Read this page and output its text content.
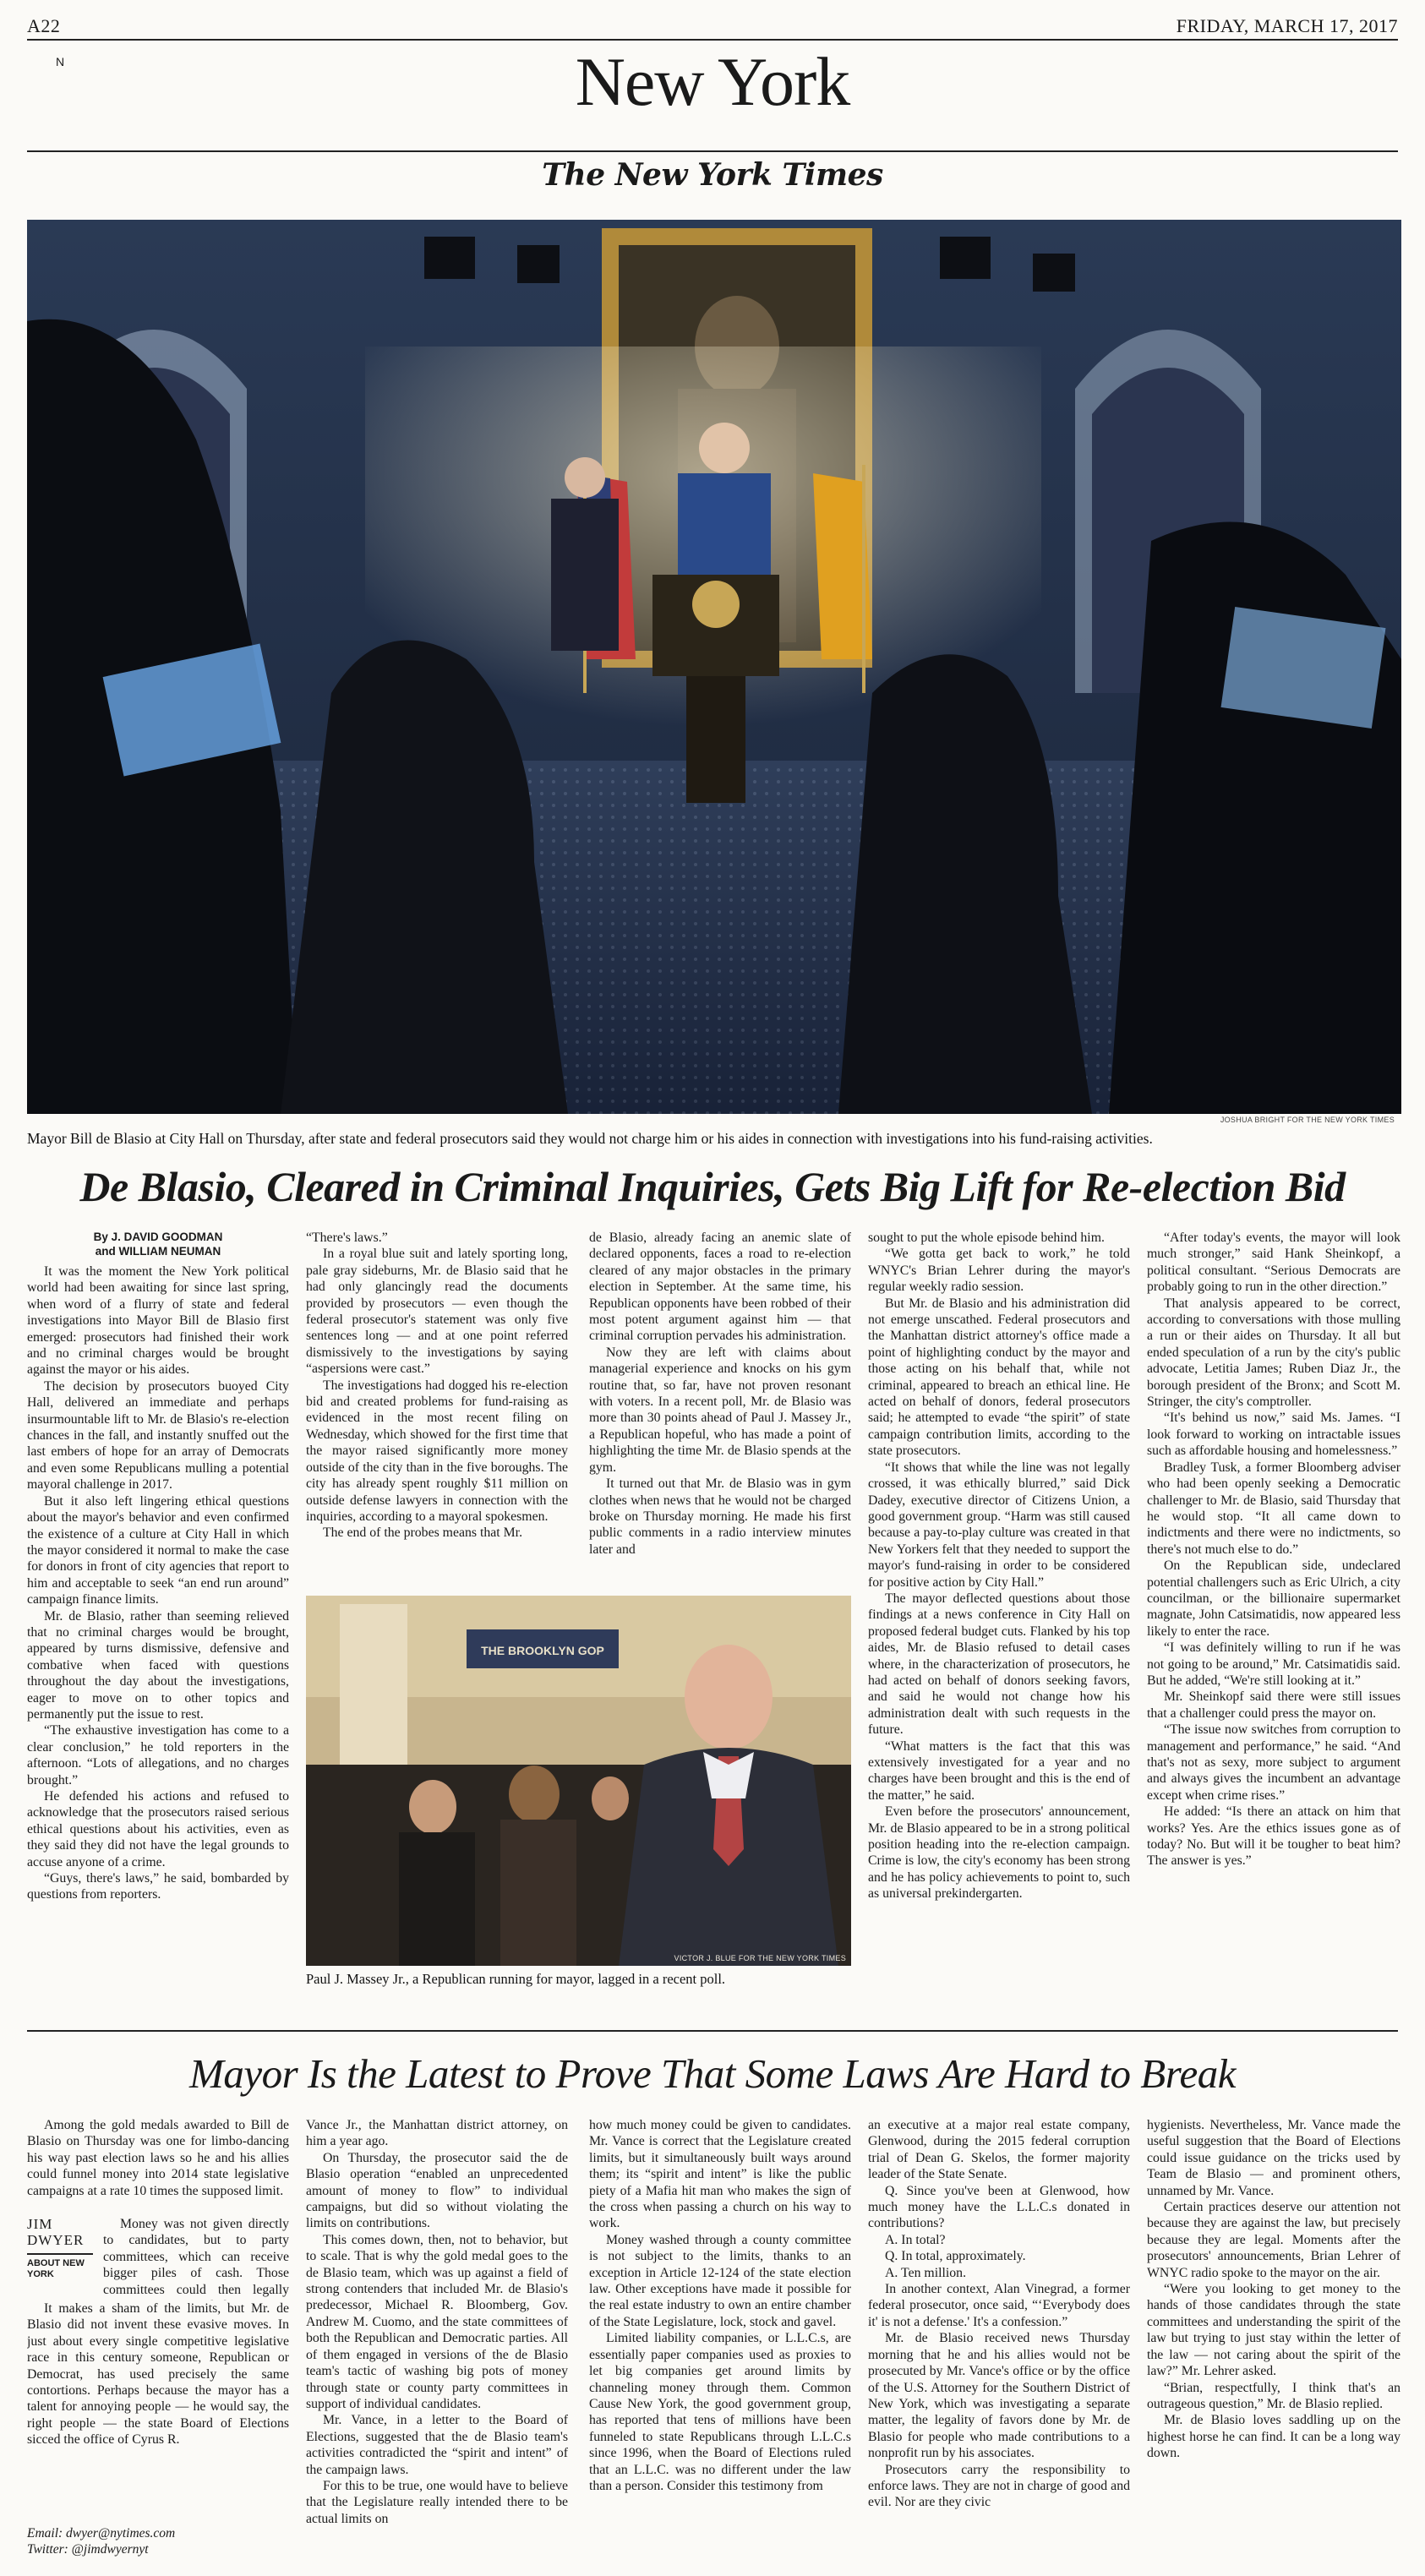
A22	FRIDAY, MARCH 17, 2017
N	New York
The New York Times
JOSHUA BRIGHT FOR THE NEW YORK TIMES
Mayor Bill de Blasio at City Hall on Thursday, after state and federal prosecutors said they would not charge him or his aides in connection with investigations into his fund-raising activities.
De Blasio, Cleared in Criminal Inquiries, Gets Big Lift for Re-election Bid
By J. DAVID GOODMAN
and WILLIAM NEUMAN

It was the moment the New York political world had been awaiting for since last spring, when word of a flurry of state and federal investigations into Mayor Bill de Blasio first emerged: prosecutors had finished their work and no criminal charges would be brought against the mayor or his aides.

The decision by prosecutors buoyed City Hall, delivered an immediate and perhaps insurmountable lift to Mr. de Blasio's re-election chances in the fall, and instantly snuffed out the last embers of hope for an array of Democrats and even some Republicans mulling a potential mayoral challenge in 2017.

But it also left lingering ethical questions about the mayor's behavior and even confirmed the existence of a culture at City Hall in which the mayor considered it normal to make the case for donors in front of city agencies that report to him and acceptable to seek “an end run around” campaign finance limits.

Mr. de Blasio, rather than seeming relieved that no criminal charges would be brought, appeared by turns dismissive, defensive and combative when faced with questions throughout the day about the investigations, eager to move on to other topics and permanently put the issue to rest.

“The exhaustive investigation has come to a clear conclusion,” he told reporters in the afternoon. “Lots of allegations, and no charges brought.”

He defended his actions and refused to acknowledge that the prosecutors raised serious ethical questions about his activities, even as they said they did not have the legal grounds to accuse anyone of a crime.

“Guys, there's laws,” he said, bombarded by questions from reporters.

“There's laws.”

In a royal blue suit and lately sporting long, pale gray sideburns, Mr. de Blasio said that he had only glancingly read the documents provided by prosecutors — even though the federal prosecutor's statement was only five sentences long — and at one point referred dismissively to the investigations by saying “aspersions were cast.”

The investigations had dogged his re-election bid and created problems for fund-raising as evidenced in the most recent filing on Wednesday, which showed for the first time that the mayor raised significantly more money outside of the city than in the five boroughs. The city has already spent roughly $11 million on outside defense lawyers in connection with the inquiries, according to a mayoral spokesmen.

The end of the probes means that Mr.

de Blasio, already facing an anemic slate of declared opponents, faces a road to re-election cleared of any major obstacles in the primary election in September. At the same time, his Republican opponents have been robbed of their most potent argument against him — that criminal corruption pervades his administration.

Now they are left with claims about managerial experience and knocks on his gym routine that, so far, have not proven resonant with voters. In a recent poll, Mr. de Blasio was more than 30 points ahead of Paul J. Massey Jr., a Republican hopeful, who has made a point of highlighting the time Mr. de Blasio spends at the gym.

It turned out that Mr. de Blasio was in gym clothes when news that he would not be charged broke on Thursday morning. He made his first public comments in a radio interview minutes later and

THE BROOKLYN GOP
VICTOR J. BLUE FOR THE NEW YORK TIMES
Paul J. Massey Jr., a Republican running for mayor, lagged in a recent poll.

sought to put the whole episode behind him.

“We gotta get back to work,” he told WNYC's Brian Lehrer during the mayor's regular weekly radio session.

But Mr. de Blasio and his administration did not emerge unscathed. Federal prosecutors and the Manhattan district attorney's office made a point of highlighting conduct by the mayor and those acting on his behalf that, while not criminal, appeared to breach an ethical line. He acted on behalf of donors, federal prosecutors said; he attempted to evade “the spirit” of state campaign contribution limits, according to the state prosecutors.

“It shows that while the line was not legally crossed, it was ethically blurred,” said Dick Dadey, executive director of Citizens Union, a good government group. “Harm was still caused because a pay-to-play culture was created in that New Yorkers felt that they needed to support the mayor's fund-raising in order to be considered for positive action by City Hall.”

The mayor deflected questions about those findings at a news conference in City Hall on proposed federal budget cuts. Flanked by his top aides, Mr. de Blasio refused to detail cases where, in the characterization of prosecutors, he had acted on behalf of donors seeking favors, and said he would not change how his administration dealt with such requests in the future.

“What matters is the fact that this was extensively investigated for a year and no charges have been brought and this is the end of the matter,” he said.

Even before the prosecutors' announcement, Mr. de Blasio appeared to be in a strong political position heading into the re-election campaign. Crime is low, the city's economy has been strong and he has policy achievements to point to, such as universal prekindergarten.

“After today's events, the mayor will look much stronger,” said Hank Sheinkopf, a political consultant. “Serious Democrats are probably going to run in the other direction.”

That analysis appeared to be correct, according to conversations with those mulling a run or their aides on Thursday. It all but ended speculation of a run by the city's public advocate, Letitia James; Ruben Diaz Jr., the borough president of the Bronx; and Scott M. Stringer, the city's comptroller.

“It's behind us now,” said Ms. James. “I look forward to working on intractable issues such as affordable housing and homelessness.”

Bradley Tusk, a former Bloomberg adviser who had been openly seeking a Democratic challenger to Mr. de Blasio, said Thursday that he would stop. “It all came down to indictments and there were no indictments, so there's not much else to do.”

On the Republican side, undeclared potential challengers such as Eric Ulrich, a city councilman, or the billionaire supermarket magnate, John Catsimatidis, now appeared less likely to enter the race.

“I was definitely willing to run if he was not going to be around,” Mr. Catsimatidis said. But he added, “We're still looking at it.”

Mr. Sheinkopf said there were still issues that a challenger could press the mayor on.

“The issue now switches from corruption to management and performance,” he said. “And that's not as sexy, more subject to argument and always gives the incumbent an advantage except when crime rises.”

He added: “Is there an attack on him that works? Yes. Are the ethics issues gone as of today? No. But will it be tougher to beat him? The answer is yes.”

Mayor Is the Latest to Prove That Some Laws Are Hard to Break

Among the gold medals awarded to Bill de Blasio on Thursday was one for limbo-dancing his way past election laws so he and his allies could funnel money into 2014 state legislative campaigns at a rate 10 times the supposed limit.

JIM
DWYER
ABOUT NEW YORK

Money was not given directly to candidates, but to party committees, which can receive bigger piles of cash. Those committees could then legally

It makes a sham of the limits, but Mr. de Blasio did not invent these evasive moves. In just about every single competitive legislative race in this century someone, Republican or Democrat, has used precisely the same contortions. Perhaps because the mayor has a talent for annoying people — he would say, the right people — the state Board of Elections sicced the office of Cyrus R.

Email: dwyer@nytimes.com
Twitter: @jimdwyernyt

Vance Jr., the Manhattan district attorney, on him a year ago.

On Thursday, the prosecutor said the de Blasio operation “enabled an unprecedented amount of money to flow” to individual campaigns, but did so without violating the limits on contributions.

This comes down, then, not to behavior, but to scale. That is why the gold medal goes to the de Blasio team, which was up against a field of strong contenders that included Mr. de Blasio's predecessor, Michael R. Bloomberg, Gov. Andrew M. Cuomo, and the state committees of both the Republican and Democratic parties. All of them engaged in versions of the de Blasio team's tactic of washing big pots of money through state or county party committees in support of individual candidates.

Mr. Vance, in a letter to the Board of Elections, suggested that the de Blasio team's activities contradicted the “spirit and intent” of the campaign laws.

For this to be true, one would have to believe that the Legislature really intended there to be actual limits on

how much money could be given to candidates. Mr. Vance is correct that the Legislature created limits, but it simultaneously built ways around them; its “spirit and intent” is like the public piety of a Mafia hit man who makes the sign of the cross when passing a church on his way to work.

Money washed through a county committee is not subject to the limits, thanks to an exception in Article 12-124 of the state election law. Other exceptions have made it possible for the real estate industry to own an entire chamber of the State Legislature, lock, stock and gavel.

Limited liability companies, or L.L.C.s, are essentially paper companies used as proxies to let big companies get around limits by channeling money through them. Common Cause New York, the good government group, has reported that tens of millions have been funneled to state Republicans through L.L.C.s since 1996, when the Board of Elections ruled that an L.L.C. was no different under the law than a person. Consider this testimony from

an executive at a major real estate company, Glenwood, during the 2015 federal corruption trial of Dean G. Skelos, the former majority leader of the State Senate.

Q. Since you've been at Glenwood, how much money have the L.L.C.s donated in contributions?

A. In total?

Q. In total, approximately.

A. Ten million.

In another context, Alan Vinegrad, a former federal prosecutor, once said, “‘Everybody does it' is not a defense.' It's a confession.”

Mr. de Blasio received news Thursday morning that he and his allies would not be prosecuted by Mr. Vance's office or by the office of the U.S. Attorney for the Southern District of New York, which was investigating a separate matter, the legality of favors done by Mr. de Blasio for people who made contributions to a nonprofit run by his associates.

Prosecutors carry the responsibility to enforce laws. They are not in charge of good and evil. Nor are they civic

hygienists. Nevertheless, Mr. Vance made the useful suggestion that the Board of Elections could issue guidance on the tricks used by Team de Blasio — and prominent others, unnamed by Mr. Vance.

Certain practices deserve our attention not because they are against the law, but precisely because they are legal. Moments after the prosecutors' announcements, Brian Lehrer of WNYC radio spoke to the mayor on the air.

“Were you looking to get money to the hands of those candidates through the state committees and understanding the spirit of the law but trying to just stay within the letter of the law — not caring about the spirit of the law?” Mr. Lehrer asked.

“Brian, respectfully, I think that's an outrageous question,” Mr. de Blasio replied.

Mr. de Blasio loves saddling up on the highest horse he can find. It can be a long way down.
